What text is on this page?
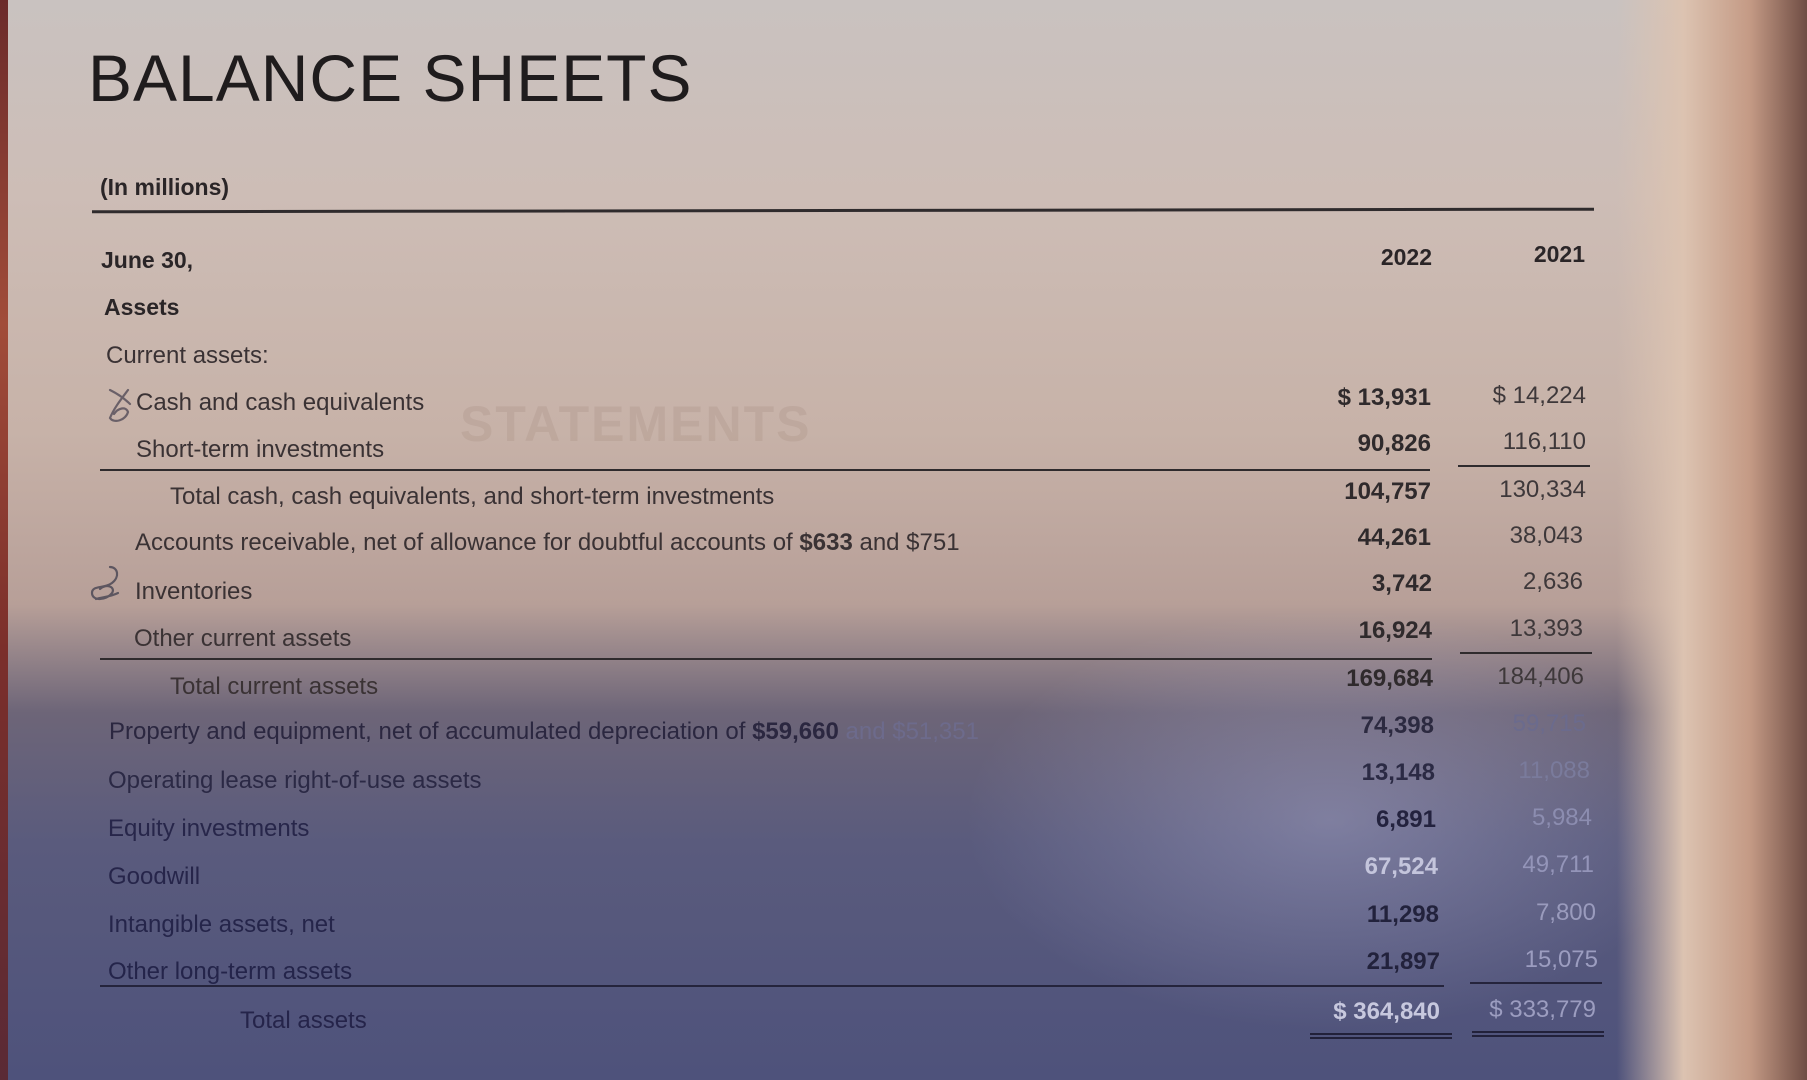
STATEMENTS
BALANCE SHEETS
(In millions)
June 30,	2022	2021
Assets
Current assets:
Cash and cash equivalents	$ 13,931	$ 14,224
Short-term investments	90,826	116,110
Total cash, cash equivalents, and short-term investments	104,757	130,334
Accounts receivable, net of allowance for doubtful accounts of $633 and $751	44,261	38,043
Inventories	3,742	2,636
Other current assets	16,924	13,393
Total current assets	169,684	184,406
Property and equipment, net of accumulated depreciation of $59,660 and $51,351	74,398	59,715
Operating lease right-of-use assets	13,148	11,088
Equity investments	6,891	5,984
Goodwill	67,524	49,711
Intangible assets, net	11,298	7,800
Other long-term assets	21,897	15,075
Total assets	$ 364,840	$ 333,779
